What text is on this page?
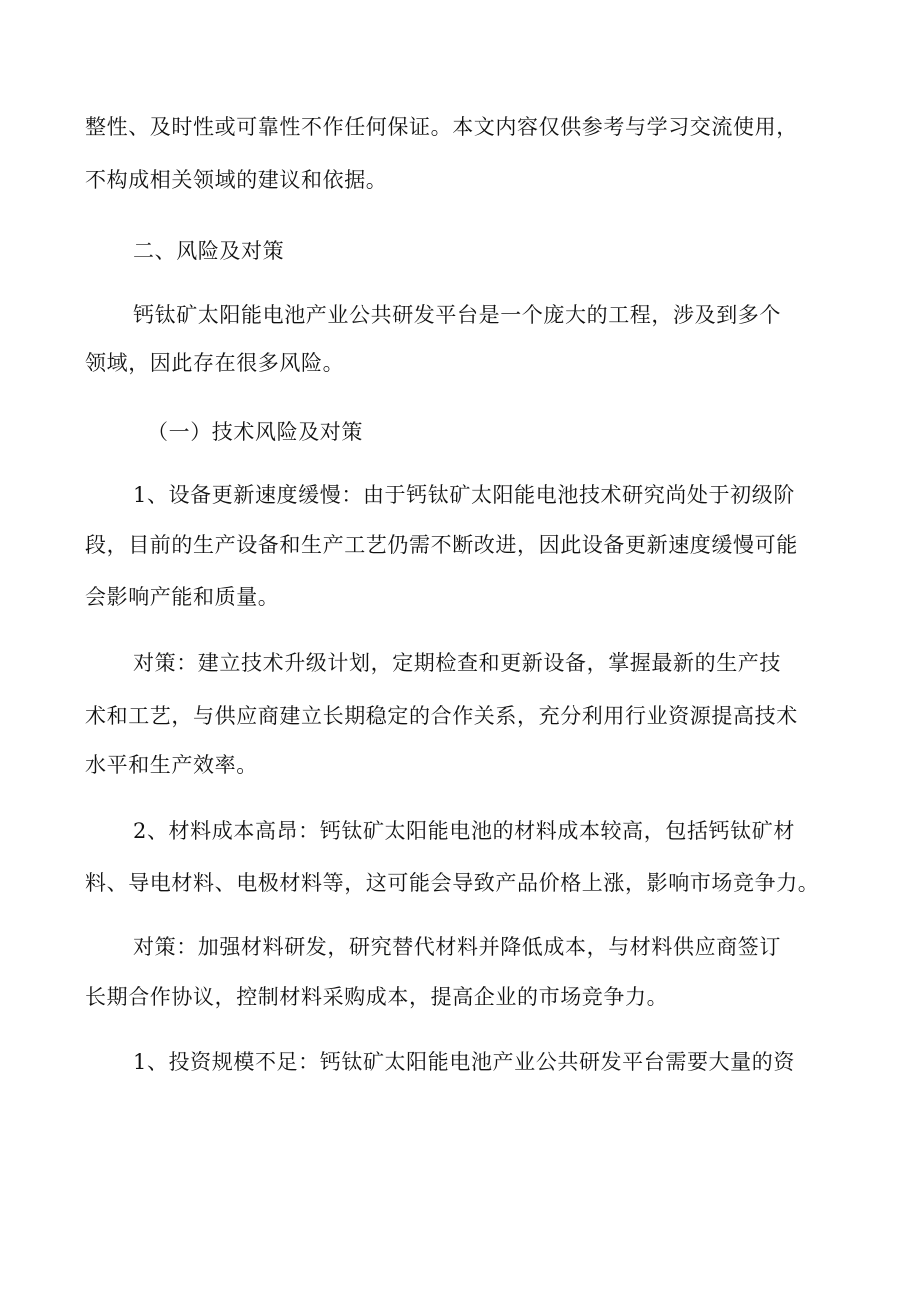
整性、及时性或可靠性不作任何保证。本文内容仅供参考与学习交流使用，
不构成相关领域的建议和依据。
二、风险及对策
钙钛矿太阳能电池产业公共研发平台是一个庞大的工程，涉及到多个
领域，因此存在很多风险。
（一）技术风险及对策
1、设备更新速度缓慢：由于钙钛矿太阳能电池技术研究尚处于初级阶
段，目前的生产设备和生产工艺仍需不断改进，因此设备更新速度缓慢可能
会影响产能和质量。
对策：建立技术升级计划，定期检查和更新设备，掌握最新的生产技
术和工艺，与供应商建立长期稳定的合作关系，充分利用行业资源提高技术
水平和生产效率。
2、材料成本高昂：钙钛矿太阳能电池的材料成本较高，包括钙钛矿材
料、导电材料、电极材料等，这可能会导致产品价格上涨，影响市场竞争力。
对策：加强材料研发，研究替代材料并降低成本，与材料供应商签订
长期合作协议，控制材料采购成本，提高企业的市场竞争力。
1、投资规模不足：钙钛矿太阳能电池产业公共研发平台需要大量的资
